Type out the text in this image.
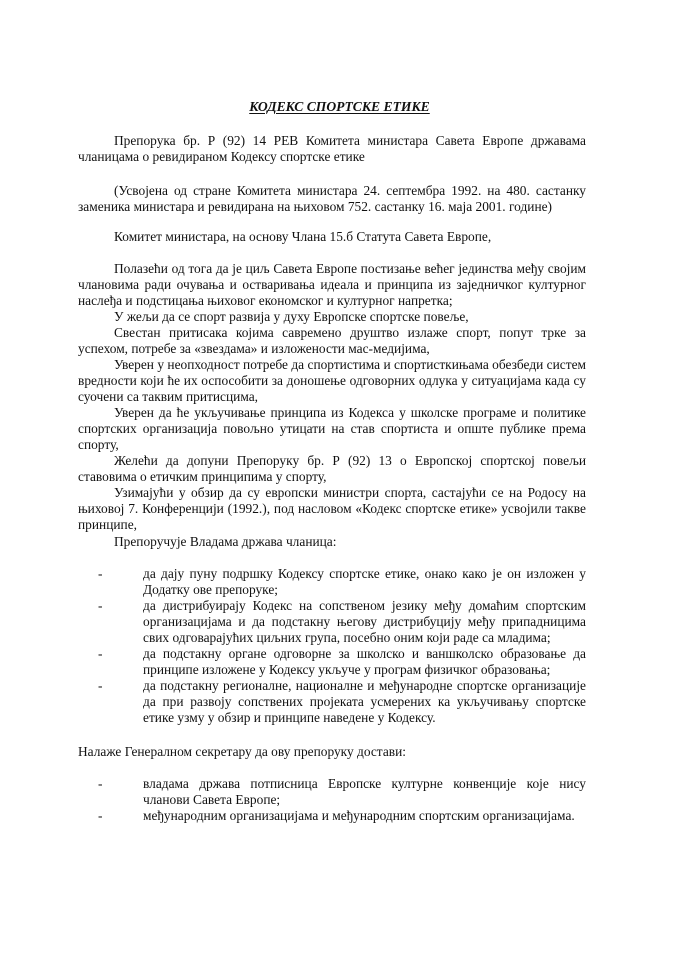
КОДЕКС СПОРТСКЕ ЕТИКЕ

Препорука бр. Р (92) 14 РЕВ Комитета министара Савета Европе државама чланицама о ревидираном Кодексу спортске етике

(Усвојена од стране Комитета министара 24. септембра 1992. на 480. састанку заменика министара и ревидирана на њиховом 752. састанку 16. маја 2001. године)

Комитет министара, на основу Члана 15.б Статута Савета Европе,

Полазећи од тога да је циљ Савета Европе постизање већег јединства међу својим члановима ради очувања и остваривања идеала и принципа из заједничког културног наслеђа и подстицања њиховог економског и културног напретка;

У жељи да се спорт развија у духу Европске спортске повеље,

Свестан притисака којима савремено друштво излаже спорт, попут трке за успехом, потребе за «звездама» и изложености мас-медијима,

Уверен у неопходност потребе да спортистима и спортисткињама обезбеди систем вредности који ће их оспособити за доношење одговорних одлука у ситуацијама када су суочени са таквим притисцима,

Уверен да ће укључивање принципа из Кодекса у школске програме и политике спортских организација повољно утицати на став спортиста и опште публике према спорту,

Желећи да допуни Препоруку бр. Р (92) 13 о Европској спортској повељи ставовима о етичким принципима у спорту,

Узимајући у обзир да су европски министри спорта, састајући се на Родосу на њиховој 7. Конференцији (1992.), под насловом «Кодекс спортске етике» усвојили такве принципе,

Препоручује Владама држава чланица:

-	да дају пуну подршку Кодексу спортске етике, онако како је он изложен у Додатку ове препоруке;
-	да дистрибуирају Кодекс на сопственом језику међу домаћим спортским организацијама и да подстакну његову дистрибуцију међу припадницима свих одговарајућих циљних група, посебно оним који раде са младима;
-	да подстакну органе одговорне за школско и ваншколско образовање да принципе изложене у Кодексу укључе у програм физичког образовања;
-	да подстакну регионалне, националне и међународне спортске организације да при развоју сопствених пројеката усмерених ка укључивању спортске етике узму у обзир и принципе наведене у Кодексу.
Налаже Генералном секретару да ову препоруку достави:
-	владама држава потписница Европске културне конвенције које нису чланови Савета Европе;
-	међународним организацијама и међународним спортским организацијама.
